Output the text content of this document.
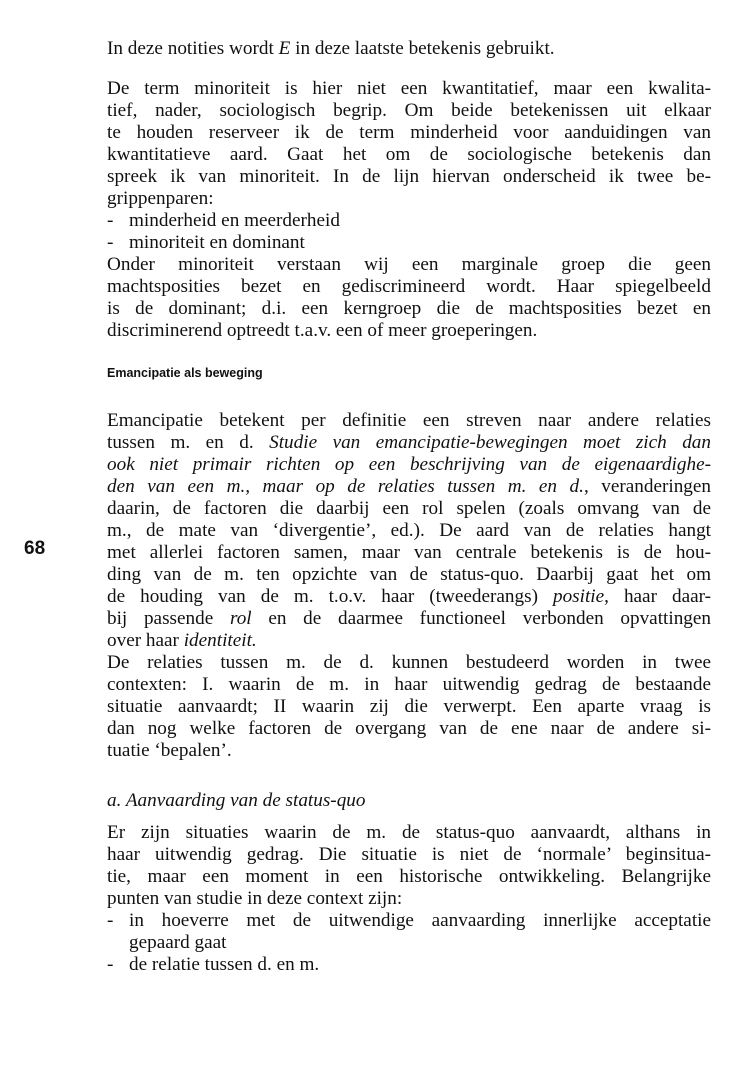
68
In deze notities wordt E in deze laatste betekenis gebruikt.
De term minoriteit is hier niet een kwantitatief, maar een kwalita-
tief, nader, sociologisch begrip. Om beide betekenissen uit elkaar
te houden reserveer ik de term minderheid voor aanduidingen van
kwantitatieve aard. Gaat het om de sociologische betekenis dan
spreek ik van minoriteit. In de lijn hiervan onderscheid ik twee be-
grippenparen:
- minderheid en meerderheid
- minoriteit en dominant
Onder minoriteit verstaan wij een marginale groep die geen
machtsposities bezet en gediscrimineerd wordt. Haar spiegelbeeld
is de dominant; d.i. een kerngroep die de machtsposities bezet en
discriminerend optreedt t.a.v. een of meer groeperingen.
Emancipatie als beweging
Emancipatie betekent per definitie een streven naar andere relaties
tussen m. en d. Studie van emancipatie-bewegingen moet zich dan
ook niet primair richten op een beschrijving van de eigenaardighe-
den van een m., maar op de relaties tussen m. en d., veranderingen
daarin, de factoren die daarbij een rol spelen (zoals omvang van de
m., de mate van ‘divergentie’, ed.). De aard van de relaties hangt
met allerlei factoren samen, maar van centrale betekenis is de hou-
ding van de m. ten opzichte van de status-quo. Daarbij gaat het om
de houding van de m. t.o.v. haar (tweederangs) positie, haar daar-
bij passende rol en de daarmee functioneel verbonden opvattingen
over haar identiteit.
De relaties tussen m. de d. kunnen bestudeerd worden in twee
contexten: I. waarin de m. in haar uitwendig gedrag de bestaande
situatie aanvaardt; II waarin zij die verwerpt. Een aparte vraag is
dan nog welke factoren de overgang van de ene naar de andere si-
tuatie ‘bepalen’.
a. Aanvaarding van de status-quo
Er zijn situaties waarin de m. de status-quo aanvaardt, althans in
haar uitwendig gedrag. Die situatie is niet de ‘normale’ beginsitua-
tie, maar een moment in een historische ontwikkeling. Belangrijke
punten van studie in deze context zijn:
- in hoeverre met de uitwendige aanvaarding innerlijke acceptatie
gepaard gaat
- de relatie tussen d. en m.
